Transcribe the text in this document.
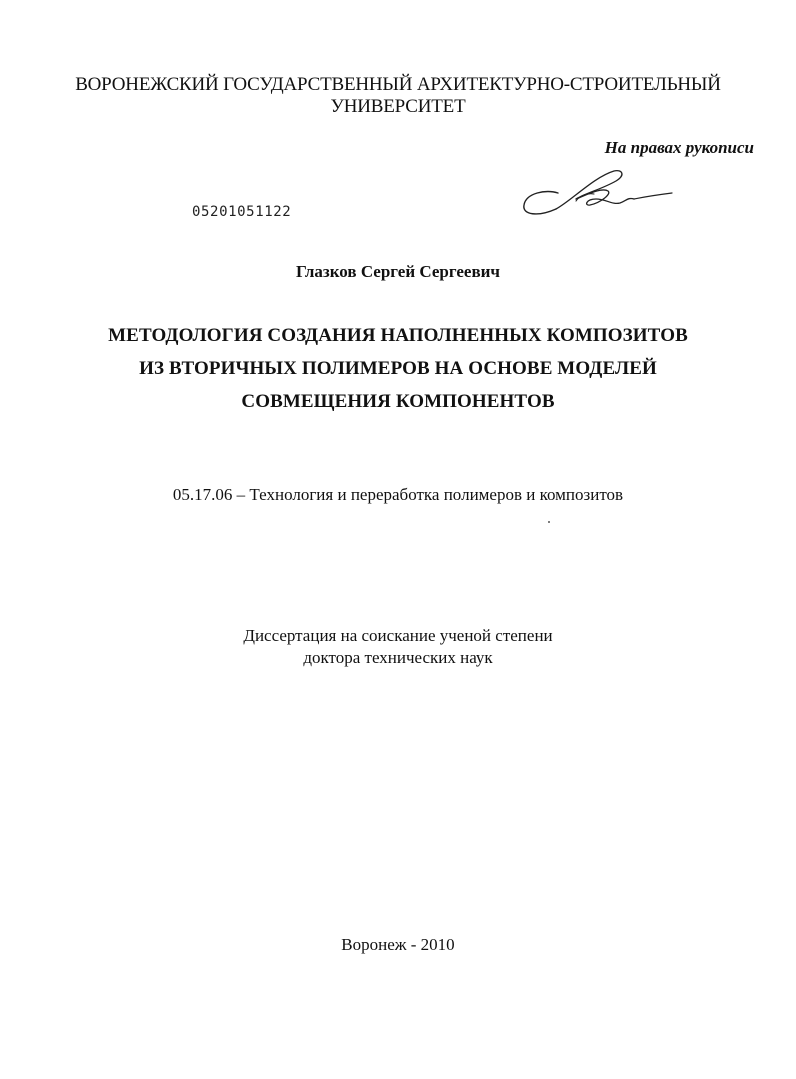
ВОРОНЕЖСКИЙ ГОСУДАРСТВЕННЫЙ АРХИТЕКТУРНО-СТРОИТЕЛЬНЫЙ
УНИВЕРСИТЕТ
На правах рукописи
05201051122
Глазков Сергей Сергеевич
МЕТОДОЛОГИЯ СОЗДАНИЯ НАПОЛНЕННЫХ КОМПОЗИТОВ
ИЗ ВТОРИЧНЫХ ПОЛИМЕРОВ НА ОСНОВЕ МОДЕЛЕЙ
СОВМЕЩЕНИЯ КОМПОНЕНТОВ
05.17.06 – Технология и переработка полимеров и композитов
Диссертация на соискание ученой степени
доктора технических наук
Воронеж - 2010
